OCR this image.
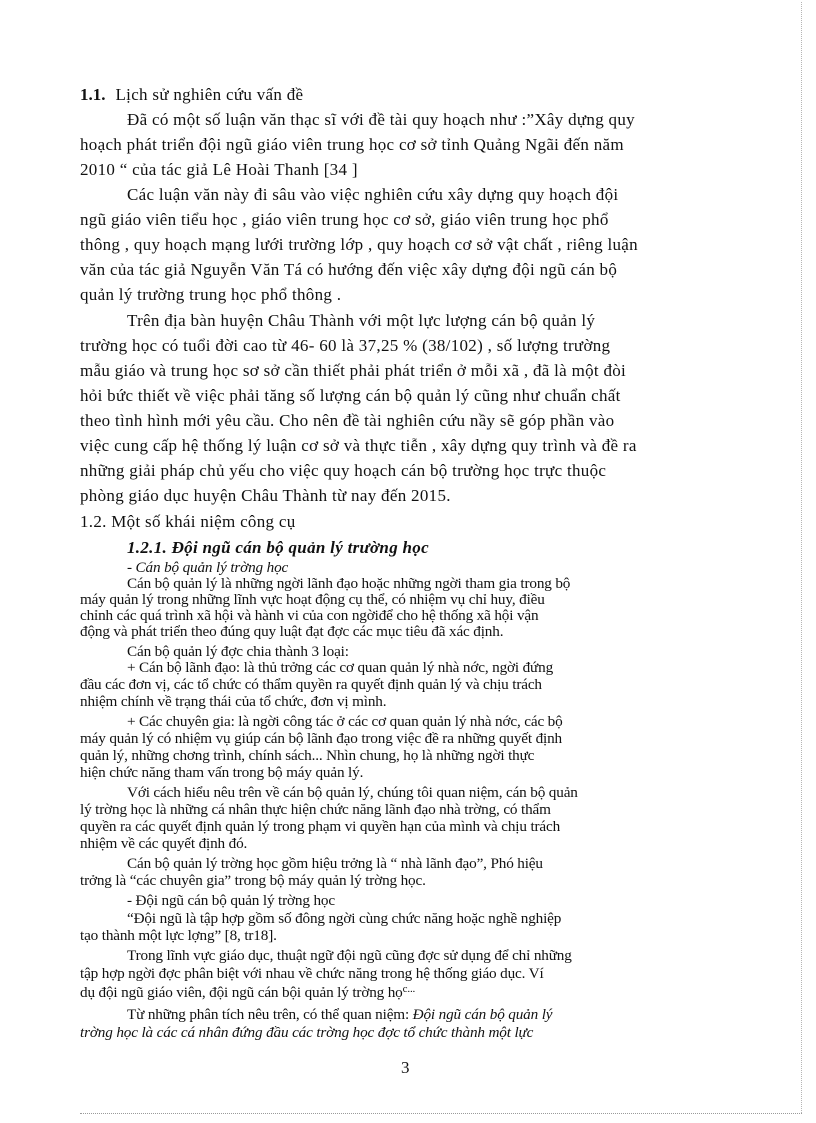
1.1. Lịch sử nghiên cứu vấn đề
Đã có một số luận văn thạc sĩ với đề tài quy hoạch như :”Xây dựng quy
hoạch phát triển đội ngũ giáo viên trung học cơ sở tỉnh Quảng Ngãi đến năm
2010 “ của tác giả Lê Hoài Thanh [34 ]
Các luận văn này đi sâu vào việc nghiên cứu xây dựng quy hoạch đội
ngũ giáo viên tiểu học , giáo viên trung học cơ sở, giáo viên trung học phổ
thông , quy hoạch mạng lưới trường lớp , quy hoạch cơ sở vật chất , riêng luận
văn của tác giả Nguyễn Văn Tá có hướng đến việc xây dựng đội ngũ cán bộ
quản lý trường trung học phổ thông .
Trên địa bàn huyện Châu Thành với một lực lượng cán bộ quản lý
trường học có tuổi đời cao từ 46- 60 là 37,25 % (38/102) , số lượng trường
mẫu giáo và trung học sơ sở cần thiết phải phát triển ở mỗi xã , đã là một đòi
hỏi bức thiết về việc phải tăng số lượng cán bộ quản lý cũng như chuẩn chất
theo tình hình mới yêu cầu. Cho nên đề tài nghiên cứu nầy sẽ góp phần vào
việc cung cấp hệ thống lý luận cơ sở và thực tiễn , xây dựng quy trình và đề ra
những giải pháp chủ yếu cho việc quy hoạch cán bộ trường học trực thuộc
phòng giáo dục huyện Châu Thành từ nay đến 2015.
1.2. Một số khái niệm công cụ
1.2.1. Đội ngũ cán bộ quản lý trường học
- Cán bộ quản lý trờng học
Cán bộ quản lý là những ngời lãnh đạo hoặc những ngời tham gia trong bộ
máy quản lý trong những lĩnh vực hoạt động cụ thể, có nhiệm vụ chỉ huy, điều
chỉnh các quá trình xã hội và hành vi của con ngờiđể cho hệ thống xã hội vận
động và phát triển theo đúng quy luật đạt đợc các mục tiêu đã xác định.
Cán bộ quản lý đợc chia thành 3 loại:
+ Cán bộ lãnh đạo: là thủ trởng các cơ quan quản lý nhà nớc, ngời đứng
đầu các đơn vị, các tổ chức có thẩm quyền ra quyết định quản lý và chịu trách
nhiệm chính về trạng thái của tổ chức, đơn vị mình.
+ Các chuyên gia: là ngời công tác ở các cơ quan quản lý nhà nớc, các bộ
máy quản lý có nhiệm vụ giúp cán bộ lãnh đạo trong việc đề ra những quyết định
quản lý, những chơng trình, chính sách... Nhìn chung, họ là những ngời thực
hiện chức năng tham vấn trong bộ máy quản lý.
Với cách hiểu nêu trên về cán bộ quản lý, chúng tôi quan niệm, cán bộ quản
lý trờng học là những cá nhân thực hiện chức năng lãnh đạo nhà trờng, có thẩm
quyền ra các quyết định quản lý trong phạm vi quyền hạn của mình và chịu trách
nhiệm về các quyết định đó.
Cán bộ quản lý trờng học gồm hiệu trởng là “ nhà lãnh đạo”, Phó hiệu
trởng là “các chuyên gia” trong bộ máy quản lý trờng học.
- Đội ngũ cán bộ quản lý trờng học
“Đội ngũ là tập hợp gồm số đông ngời cùng chức năng hoặc nghề nghiệp
tạo thành một lực lợng” [8, tr18].
Trong lĩnh vực giáo dục, thuật ngữ đội ngũ cũng đợc sử dụng để chỉ những
tập hợp ngời đợc phân biệt với nhau về chức năng trong hệ thống giáo dục. Ví
dụ đội ngũ giáo viên, đội ngũ cán bội quản lý trờng họ$^{c...}$
Từ những phân tích nêu trên, có thể quan niệm: Đội ngũ cán bộ quản lý
trờng học là các cá nhân đứng đầu các trờng học đợc tổ chức thành một lực
3
